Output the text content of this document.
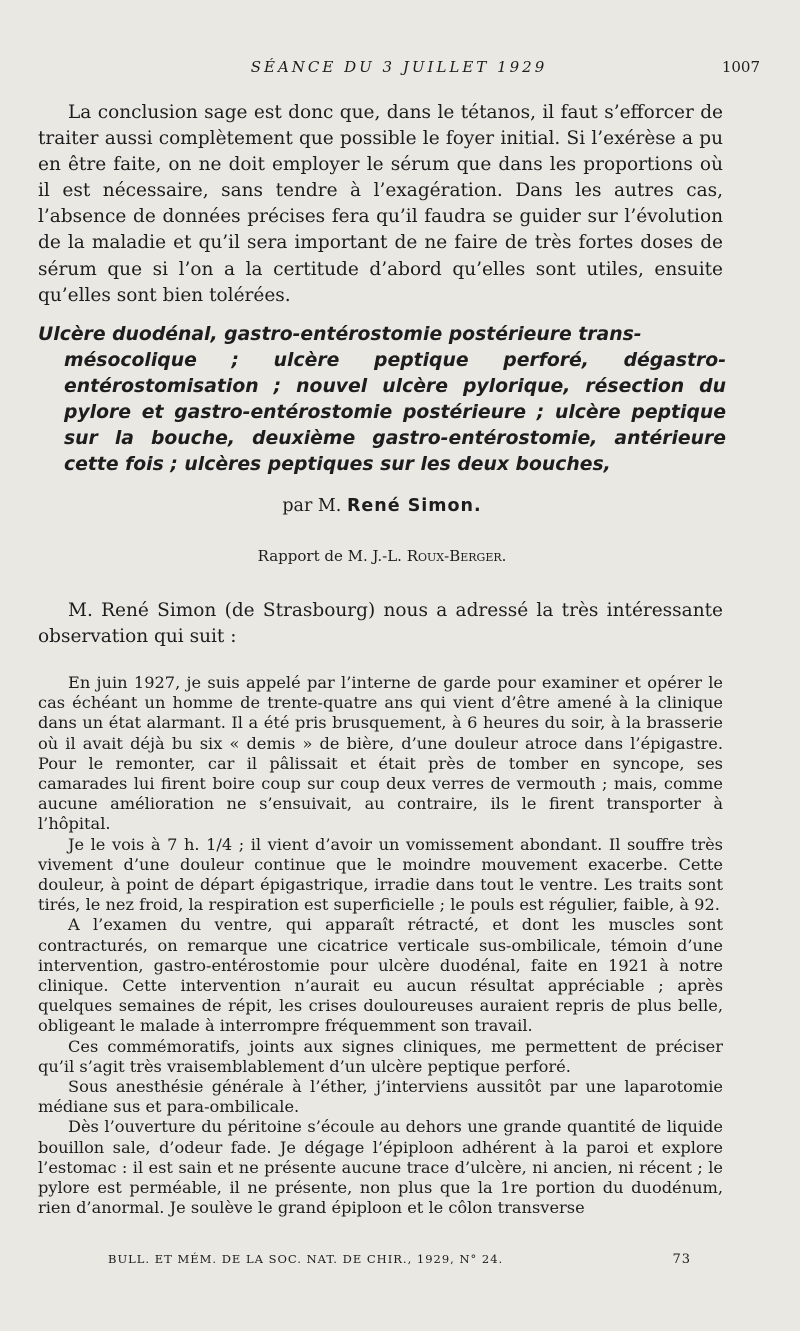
SÉANCE DU 3 JUILLET 1929	1007
La conclusion sage est donc que, dans le tétanos, il faut s’efforcer de traiter aussi complètement que possible le foyer initial. Si l’exérèse a pu en être faite, on ne doit employer le sérum que dans les proportions où il est nécessaire, sans tendre à l’exagération. Dans les autres cas, l’absence de données précises fera qu’il faudra se guider sur l’évolution de la maladie et qu’il sera important de ne faire de très fortes doses de sérum que si l’on a la certitude d’abord qu’elles sont utiles, ensuite qu’elles sont bien tolérées.
Ulcère duodénal, gastro-entérostomie postérieure trans-
mésocolique ; ulcère peptique perforé, dégastro-entérostomisation ; nouvel ulcère pylorique, résection du pylore et gastro-entérostomie postérieure ; ulcère peptique sur la bouche, deuxième gastro-entérostomie, antérieure cette fois ; ulcères peptiques sur les deux bouches,
par M. René Simon.
Rapport de M. J.-L. Roux-Berger.
M. René Simon (de Strasbourg) nous a adressé la très intéressante observation qui suit :

En juin 1927, je suis appelé par l’interne de garde pour examiner et opérer le cas échéant un homme de trente-quatre ans qui vient d’être amené à la clinique dans un état alarmant. Il a été pris brusquement, à 6 heures du soir, à la brasserie où il avait déjà bu six « demis » de bière, d’une douleur atroce dans l’épigastre. Pour le remonter, car il pâlissait et était près de tomber en syncope, ses camarades lui firent boire coup sur coup deux verres de vermouth ; mais, comme aucune amélioration ne s’ensuivait, au contraire, ils le firent transporter à l’hôpital.

Je le vois à 7 h. 1/4 ; il vient d’avoir un vomissement abondant. Il souffre très vivement d’une douleur continue que le moindre mouvement exacerbe. Cette douleur, à point de départ épigastrique, irradie dans tout le ventre. Les traits sont tirés, le nez froid, la respiration est superficielle ; le pouls est régulier, faible, à 92.

A l’examen du ventre, qui apparaît rétracté, et dont les muscles sont contracturés, on remarque une cicatrice verticale sus-ombilicale, témoin d’une intervention, gastro-entérostomie pour ulcère duodénal, faite en 1921 à notre clinique. Cette intervention n’aurait eu aucun résultat appréciable ; après quelques semaines de répit, les crises douloureuses auraient repris de plus belle, obligeant le malade à interrompre fréquemment son travail.

Ces commémoratifs, joints aux signes cliniques, me permettent de préciser qu’il s’agit très vraisemblablement d’un ulcère peptique perforé.

Sous anesthésie générale à l’éther, j’interviens aussitôt par une laparotomie médiane sus et para-ombilicale.

Dès l’ouverture du péritoine s’écoule au dehors une grande quantité de liquide bouillon sale, d’odeur fade. Je dégage l’épiploon adhérent à la paroi et explore l’estomac : il est sain et ne présente aucune trace d’ulcère, ni ancien, ni récent ; le pylore est perméable, il ne présente, non plus que la 1re portion du duodénum, rien d’anormal. Je soulève le grand épiploon et le côlon transverse

BULL. ET MÉM. DE LA SOC. NAT. DE CHIR., 1929, N° 24.	73
